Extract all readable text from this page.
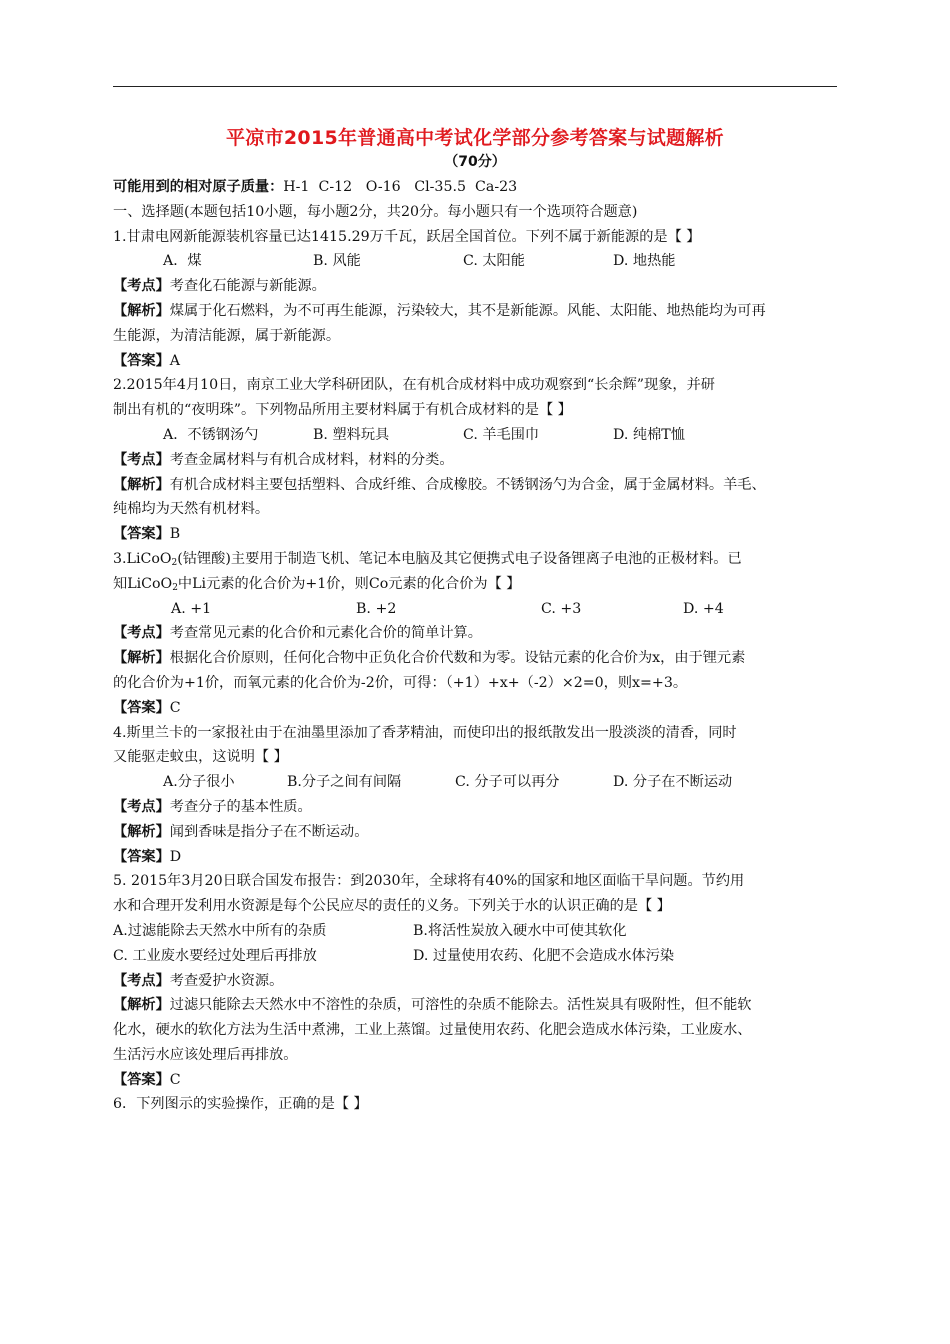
平凉市2015年普通高中考试化学部分参考答案与试题解析
（70分）
可能用到的相对原子质量：H-1  C-12   O-16   Cl-35.5  Ca-23
一、选择题(本题包括10小题，每小题2分，共20分。每小题只有一个选项符合题意)
1.甘肃电网新能源装机容量已达1415.29万千瓦，跃居全国首位。下列不属于新能源的是【 】
A．煤	B. 风能	C. 太阳能	D. 地热能
【考点】考查化石能源与新能源。
【解析】煤属于化石燃料，为不可再生能源，污染较大，其不是新能源。风能、太阳能、地热能均为可再
生能源，为清洁能源，属于新能源。
【答案】A
2.2015年4月10日，南京工业大学科研团队，在有机合成材料中成功观察到“长余辉”现象，并研
制出有机的“夜明珠”。下列物品所用主要材料属于有机合成材料的是【 】
A．不锈钢汤勺	B. 塑料玩具	C. 羊毛围巾	D. 纯棉T恤
【考点】考查金属材料与有机合成材料，材料的分类。
【解析】有机合成材料主要包括塑料、合成纤维、合成橡胶。不锈钢汤勺为合金，属于金属材料。羊毛、
纯棉均为天然有机材料。
【答案】B
3.LiCoO$_2$(钴锂酸)主要用于制造飞机、笔记本电脑及其它便携式电子设备锂离子电池的正极材料。已
知LiCoO$_2$中Li元素的化合价为+1价，则Co元素的化合价为【 】
A. +1	B. +2	C. +3	D. +4
【考点】考查常见元素的化合价和元素化合价的简单计算。
【解析】根据化合价原则，任何化合物中正负化合价代数和为零。设钴元素的化合价为x，由于锂元素
的化合价为+1价，而氧元素的化合价为-2价，可得：（+1）+x+（-2）×2=0，则x=+3。
【答案】C
4.斯里兰卡的一家报社由于在油墨里添加了香茅精油，而使印出的报纸散发出一股淡淡的清香，同时
又能驱走蚊虫，这说明【 】
A.分子很小	B.分子之间有间隔	C. 分子可以再分	D. 分子在不断运动
【考点】考查分子的基本性质。
【解析】闻到香味是指分子在不断运动。
【答案】D
5. 2015年3月20日联合国发布报告：到2030年，全球将有40%的国家和地区面临干旱问题。节约用
水和合理开发利用水资源是每个公民应尽的责任的义务。下列关于水的认识正确的是【 】
A.过滤能除去天然水中所有的杂质	B.将活性炭放入硬水中可使其软化
C. 工业废水要经过处理后再排放	D. 过量使用农药、化肥不会造成水体污染
【考点】考查爱护水资源。
【解析】过滤只能除去天然水中不溶性的杂质，可溶性的杂质不能除去。活性炭具有吸附性，但不能软
化水，硬水的软化方法为生活中煮沸，工业上蒸馏。过量使用农药、化肥会造成水体污染，工业废水、
生活污水应该处理后再排放。
【答案】C
6．下列图示的实验操作，正确的是【 】
